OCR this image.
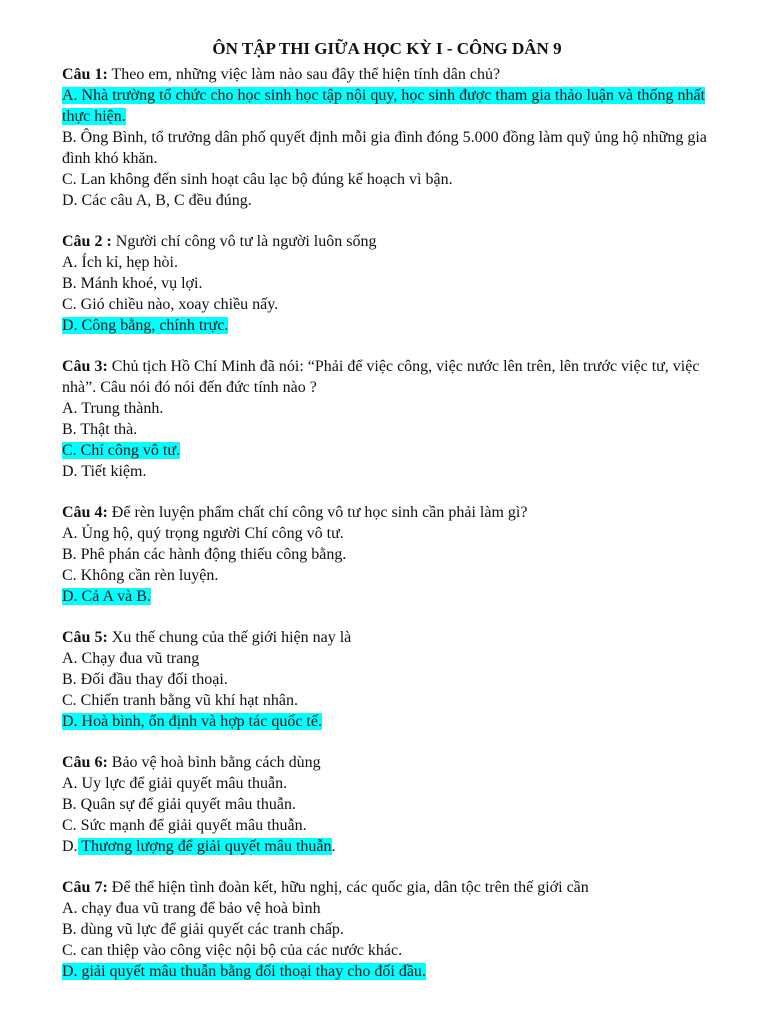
ÔN TẬP THI GIỮA HỌC KỲ I - CÔNG DÂN 9

Câu 1: Theo em, những việc làm nào sau đây thể hiện tính dân chủ?

A. Nhà trường tổ chức cho học sinh học tập nội quy, học sinh được tham gia thảo luận và thống nhất thực hiện.

B. Ông Bình, tổ trưởng dân phố quyết định mỗi gia đình đóng 5.000 đồng làm quỹ ủng hộ những gia đình khó khăn.

C. Lan không đến sinh hoạt câu lạc bộ đúng kế hoạch vì bận.

D. Các câu A, B, C đều đúng.

Câu 2 : Người chí công vô tư là người luôn sống

A. Ích kỉ, hẹp hòi.

B. Mánh khoé, vụ lợi.

C. Gió chiều nào, xoay chiều nấy.

D. Công bằng, chính trực.

Câu 3: Chủ tịch Hồ Chí Minh đã nói: “Phải để việc công, việc nước lên trên, lên trước việc tư, việc nhà”. Câu nói đó nói đến đức tính nào ?

A. Trung thành.

B. Thật thà.

C. Chí công vô tư.

D. Tiết kiệm.

Câu 4: Để rèn luyện phẩm chất chí công vô tư học sinh cần phải làm gì?

A. Ủng hộ, quý trọng người Chí công vô tư.

B. Phê phán các hành động thiếu công bằng.

C. Không cần rèn luyện.

D. Cả A và B.

Câu 5: Xu thế chung của thế giới hiện nay là

A. Chạy đua vũ trang

B. Đối đầu thay đối thoại.

C. Chiến tranh bằng vũ khí hạt nhân.

D. Hoà bình, ổn định và hợp tác quốc tế.

Câu 6: Bảo vệ hoà bình bằng cách dùng

A. Uy lực để giải quyết mâu thuẫn.

B. Quân sự để giải quyết mâu thuẫn.

C. Sức mạnh để giải quyết mâu thuẫn.

D. Thương lượng để giải quyết mâu thuẫn.

Câu 7: Để thể hiện tình đoàn kết, hữu nghị, các quốc gia, dân tộc trên thế giới cần

A. chạy đua vũ trang để bảo vệ hoà bình

B. dùng vũ lực để giải quyết các tranh chấp.

C. can thiệp vào công việc nội bộ của các nước khác.

D. giải quyết mâu thuẫn bằng đối thoại thay cho đối đầu.
